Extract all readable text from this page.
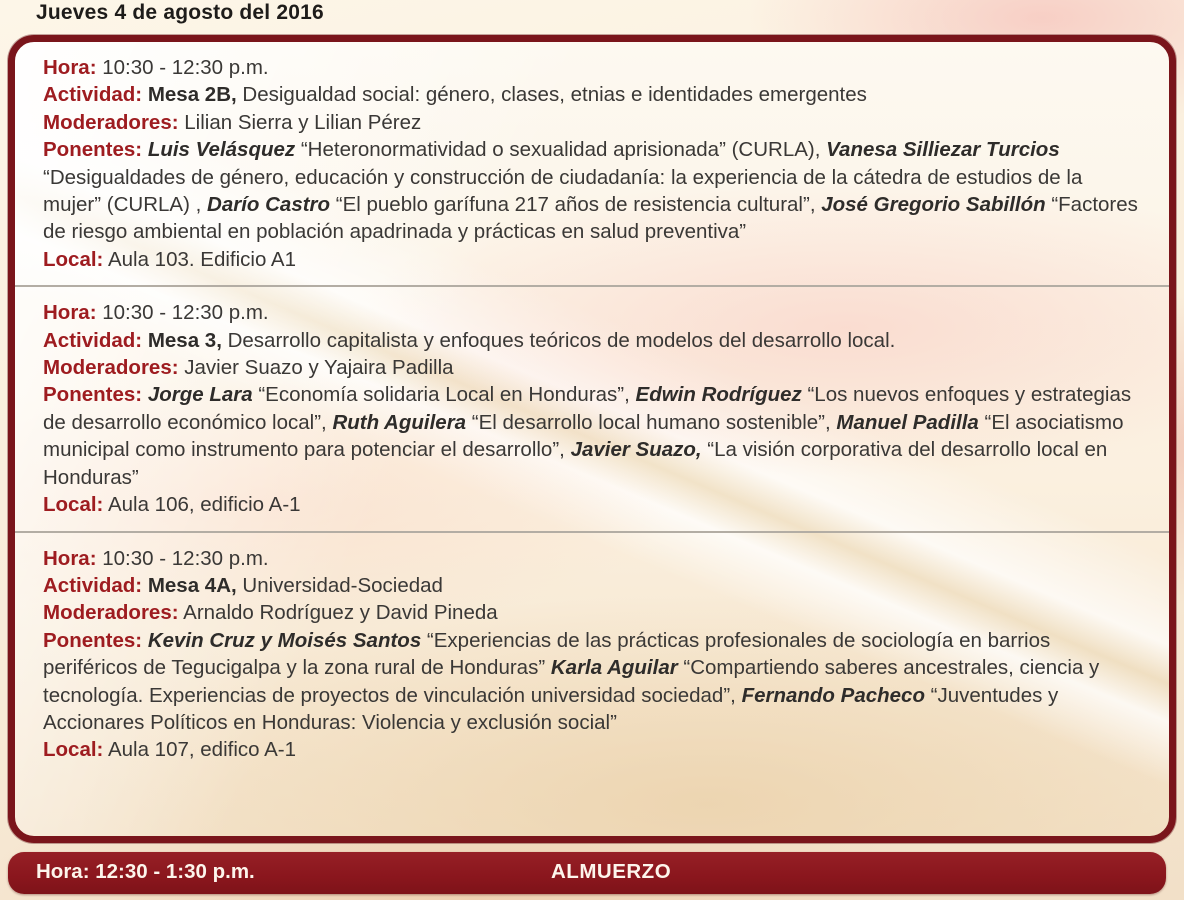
Jueves 4 de agosto del 2016
Hora: 10:30 - 12:30 p.m.
Actividad: Mesa 2B, Desigualdad social: género, clases, etnias e identidades emergentes
Moderadores: Lilian Sierra y Lilian Pérez
Ponentes: Luis Velásquez “Heteronormatividad o sexualidad aprisionada” (CURLA), Vanesa Silliezar Turcios “Desigualdades de género, educación y construcción de ciudadanía: la experiencia de la cátedra de estudios de la mujer” (CURLA) , Darío Castro “El pueblo garífuna 217 años de resistencia cultural”, José Gregorio Sabillón “Factores de riesgo ambiental en población apadrinada y prácticas en salud preventiva”
Local: Aula 103. Edificio A1
Hora: 10:30 - 12:30 p.m.
Actividad: Mesa 3, Desarrollo capitalista y enfoques teóricos de modelos del desarrollo local.
Moderadores: Javier Suazo y Yajaira Padilla
Ponentes: Jorge Lara “Economía solidaria Local en Honduras”, Edwin Rodríguez “Los nuevos enfoques y estrategias de desarrollo económico local”, Ruth Aguilera “El desarrollo local humano sostenible”, Manuel Padilla “El asociatismo municipal como instrumento para potenciar el desarrollo”, Javier Suazo, “La visión corporativa del desarrollo local en Honduras”
Local: Aula 106, edificio A-1
Hora: 10:30 - 12:30 p.m.
Actividad: Mesa 4A, Universidad-Sociedad
Moderadores: Arnaldo Rodríguez y David Pineda
Ponentes: Kevin Cruz y Moisés Santos “Experiencias de las prácticas profesionales de sociología en barrios periféricos de Tegucigalpa y la zona rural de Honduras” Karla Aguilar “Compartiendo saberes ancestrales, ciencia y tecnología. Experiencias de proyectos de vinculación universidad sociedad”, Fernando Pacheco “Juventudes y Accionares Políticos en Honduras: Violencia y exclusión social”
Local: Aula 107, edifico A-1
Hora: 12:30 - 1:30 p.m.	ALMUERZO
